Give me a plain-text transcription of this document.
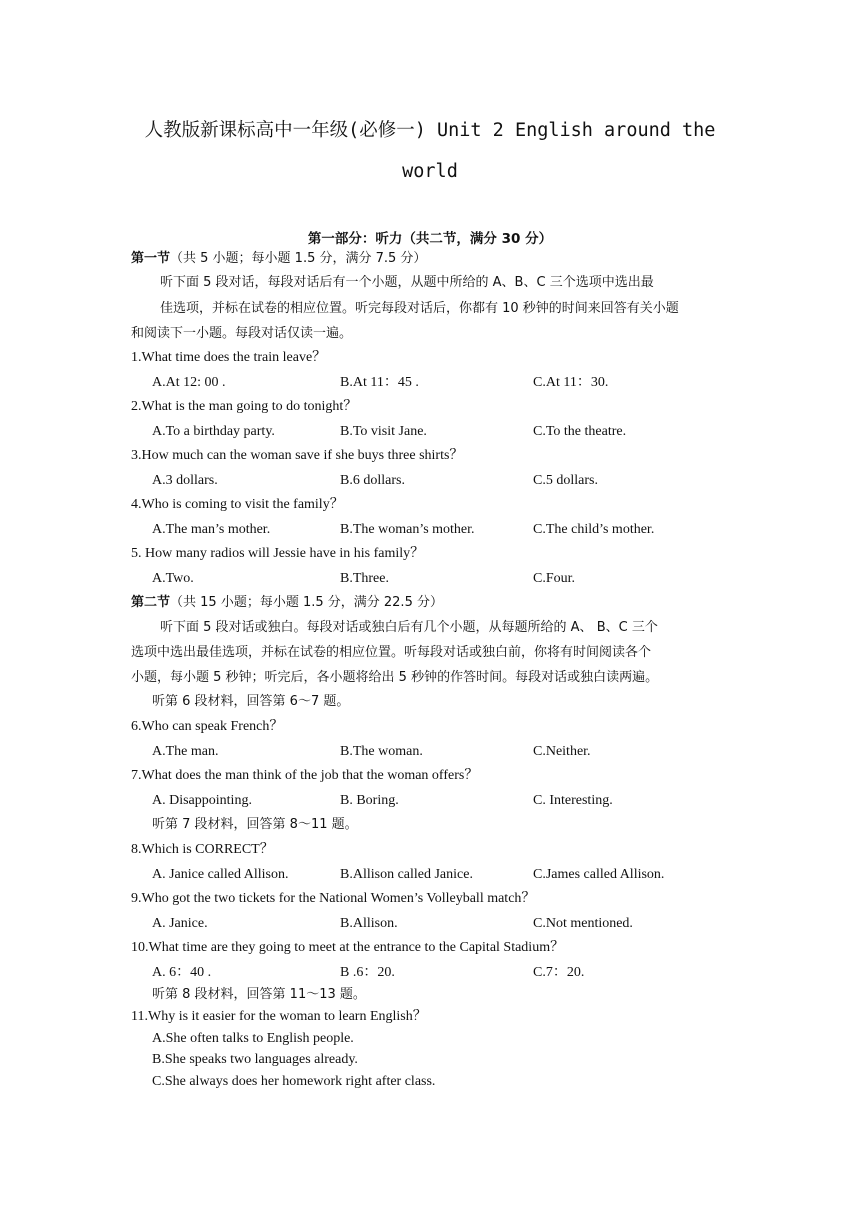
人教版新课标高中一年级(必修一) Unit 2 English around the
world
第一部分：听力（共二节，满分 30 分）
第一节（共 5 小题；每小题 1.5 分，满分 7.5 分）
听下面 5 段对话，每段对话后有一个小题，从题中所给的 A、B、C 三个选项中选出最
佳选项，并标在试卷的相应位置。听完每段对话后，你都有 10 秒钟的时间来回答有关小题
和阅读下一小题。每段对话仅读一遍。
1.What time does the train leave？
A.At 12: 00 .	B.At 11：45 .	C.At 11：30.
2.What is the man going to do tonight？
A.To a birthday party.	B.To visit Jane.	C.To the theatre.
3.How much can the woman save if she buys three shirts？
A.3 dollars.	B.6 dollars.	C.5 dollars.
4.Who is coming to visit the family？
A.The man’s mother.	B.The woman’s mother.	C.The child’s mother.
5. How many radios will Jessie have in his family？
A.Two.	B.Three.	C.Four.
第二节（共 15 小题；每小题 1.5 分，满分 22.5 分）
听下面 5 段对话或独白。每段对话或独白后有几个小题，从每题所给的 A、 B、C 三个
选项中选出最佳选项，并标在试卷的相应位置。听每段对话或独白前，你将有时间阅读各个
小题，每小题 5 秒钟；听完后，各小题将给出 5 秒钟的作答时间。每段对话或独白读两遍。
听第 6 段材料，回答第 6～7 题。
6.Who can speak French？
A.The man.	B.The woman.	C.Neither.
7.What does the man think of the job that the woman offers？
A. Disappointing.	B. Boring.	C. Interesting.
听第 7 段材料，回答第 8～11 题。
8.Which is CORRECT？
A. Janice called Allison.	B.Allison called Janice.	C.James called Allison.
9.Who got the two tickets for the National Women’s Volleyball match？
A. Janice.	B.Allison.	C.Not mentioned.
10.What time are they going to meet at the entrance to the Capital Stadium？
A. 6：40 .	B .6：20.	C.7：20.
听第 8 段材料，回答第 11～13 题。
11.Why is it easier for the woman to learn English？
A.She often talks to English people.
B.She speaks two languages already.
C.She always does her homework right after class.
